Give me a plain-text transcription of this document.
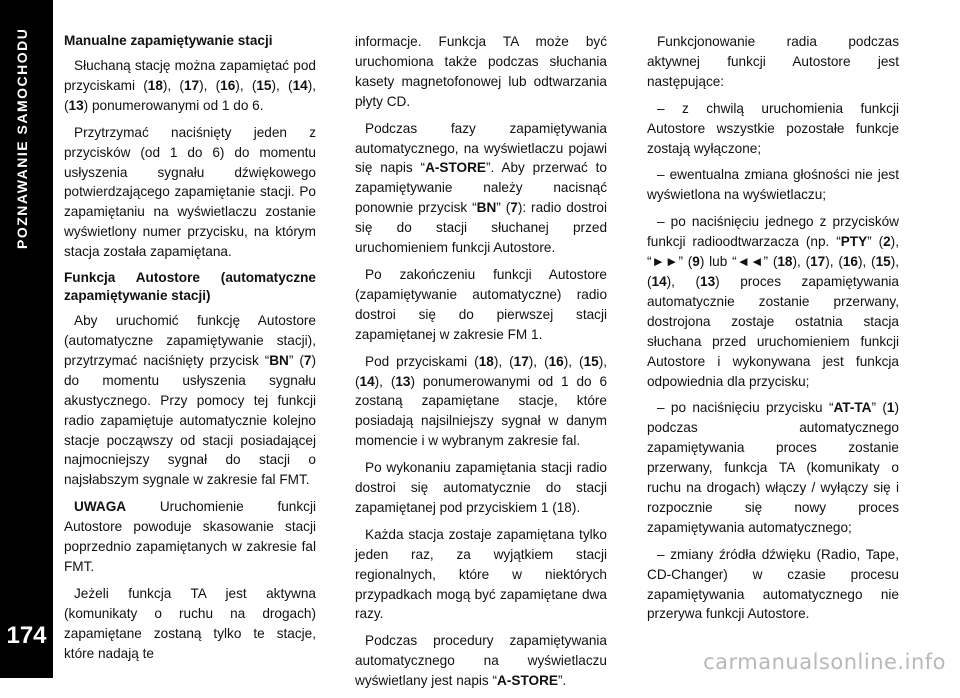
POZNAWANIE SAMOCHODU
174
Manualne zapamiętywanie stacji

Słuchaną stację można zapamiętać pod przyciskami (18), (17), (16), (15), (14), (13) ponumerowanymi od 1 do 6.

Przytrzymać naciśnięty jeden z przycisków (od 1 do 6) do momentu usłyszenia sygnału dźwiękowego potwierdzającego zapamiętanie stacji. Po zapamiętaniu na wyświetlaczu zostanie wyświetlony numer przycisku, na którym stacja została zapamiętana.

Funkcja Autostore (automatyczne zapamiętywanie stacji)

Aby uruchomić funkcję Autostore (automatyczne zapamiętywanie stacji), przytrzymać naciśnięty przycisk “BN” (7) do momentu usłyszenia sygnału akustycznego. Przy pomocy tej funkcji radio zapamiętuje automatycznie kolejno stacje począwszy od stacji posiadającej najmocniejszy sygnał do stacji o najsłabszym sygnale w zakresie fal FMT.

UWAGA Uruchomienie funkcji Autostore powoduje skasowanie stacji poprzednio zapamiętanych w zakresie fal FMT.

Jeżeli funkcja TA jest aktywna (komunikaty o ruchu na drogach) zapamiętane zostaną tylko te stacje, które nadają te

informacje. Funkcja TA może być uruchomiona także podczas słuchania kasety magnetofonowej lub odtwarzania płyty CD.

Podczas fazy zapamiętywania automatycznego, na wyświetlaczu pojawi się napis “A-STORE”. Aby przerwać to zapamiętywanie należy nacisnąć ponownie przycisk “BN” (7): radio dostroi się do stacji słuchanej przed uruchomieniem funkcji Autostore.

Po zakończeniu funkcji Autostore (zapamiętywanie automatyczne) radio dostroi się do pierwszej stacji zapamiętanej w zakresie FM 1.

Pod przyciskami (18), (17), (16), (15), (14), (13) ponumerowanymi od 1 do 6 zostaną zapamiętane stacje, które posiadają najsilniejszy sygnał w danym momencie i w wybranym zakresie fal.

Po wykonaniu zapamiętania stacji radio dostroi się automatycznie do stacji zapamiętanej pod przyciskiem 1 (18).

Każda stacja zostaje zapamiętana tylko jeden raz, za wyjątkiem stacji regionalnych, które w niektórych przypadkach mogą być zapamiętane dwa razy.

Podczas procedury zapamiętywania automatycznego na wyświetlaczu wyświetlany jest napis “A-STORE”.

Funkcjonowanie radia podczas aktywnej funkcji Autostore jest następujące:

– z chwilą uruchomienia funkcji Autostore wszystkie pozostałe funkcje zostają wyłączone;

– ewentualna zmiana głośności nie jest wyświetlona na wyświetlaczu;

– po naciśnięciu jednego z przycisków funkcji radioodtwarzacza (np. “PTY” (2), “►►” (9) lub “◄◄” (18), (17), (16), (15), (14), (13) proces zapamiętywania automatycznie zostanie przerwany, dostrojona zostaje ostatnia stacja słuchana przed uruchomieniem funkcji Autostore i wykonywana jest funkcja odpowiednia dla przycisku;

– po naciśnięciu przycisku “AT-TA” (1) podczas automatycznego zapamiętywania proces zostanie przerwany, funkcja TA (komunikaty o ruchu na drogach) włączy / wyłączy się i rozpocznie się nowy proces zapamiętywania automatycznego;

– zmiany źródła dźwięku (Radio, Tape, CD-Changer) w czasie procesu zapamiętywania automatycznego nie przerywa funkcji Autostore.

carmanualsonline.info
